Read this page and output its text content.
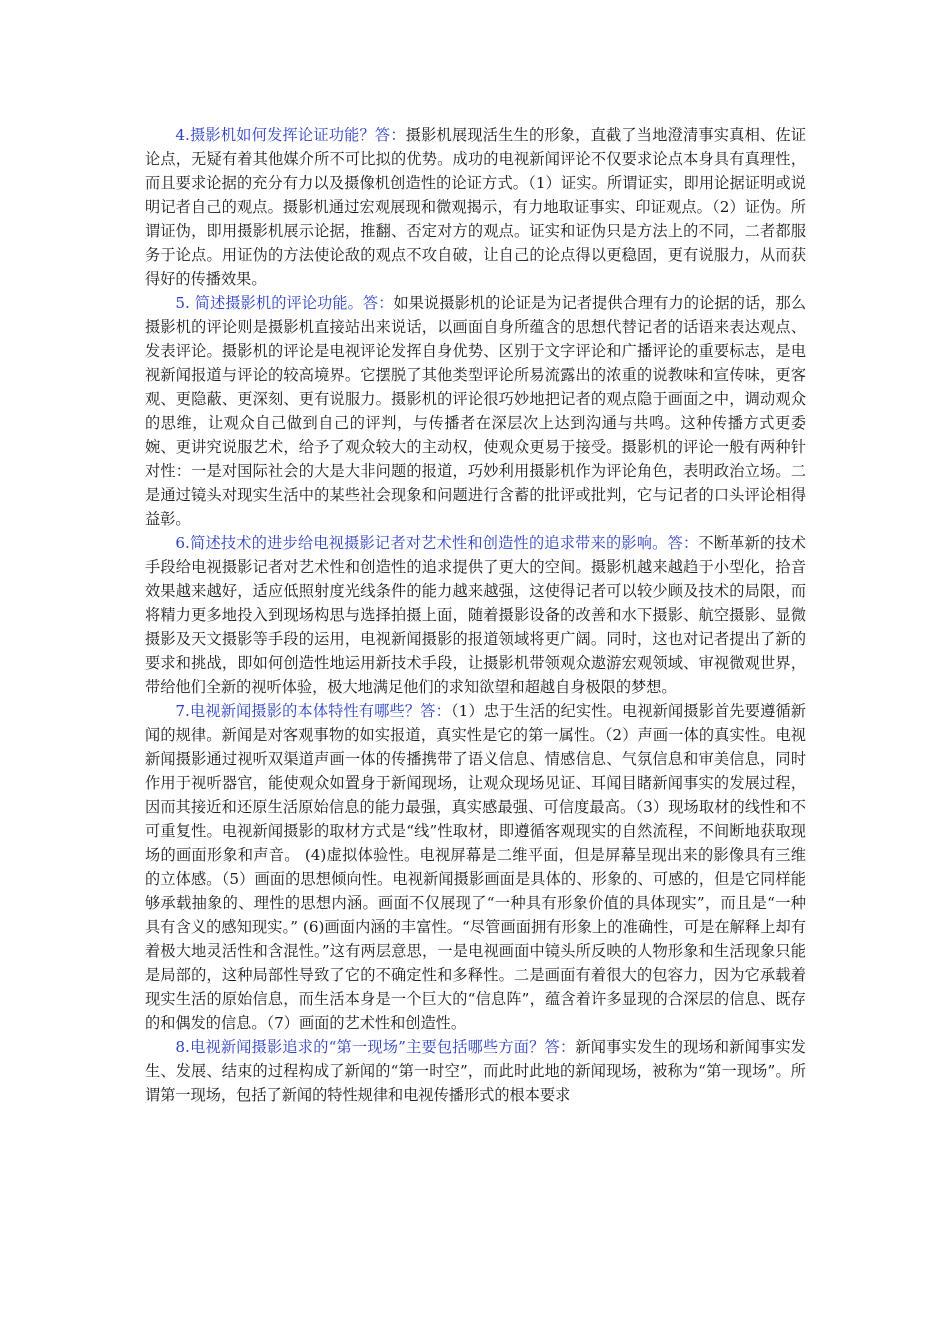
4.摄影机如何发挥论证功能？答：摄影机展现活生生的形象，直截了当地澄清事实真相、佐证论点，无疑有着其他媒介所不可比拟的优势。成功的电视新闻评论不仅要求论点本身具有真理性，而且要求论据的充分有力以及摄像机创造性的论证方式。（1）证实。所谓证实，即用论据证明或说明记者自己的观点。摄影机通过宏观展现和微观揭示，有力地取证事实、印证观点。（2）证伪。所谓证伪，即用摄影机展示论据，推翻、否定对方的观点。证实和证伪只是方法上的不同，二者都服务于论点。用证伪的方法使论敌的观点不攻自破，让自己的论点得以更稳固，更有说服力，从而获得好的传播效果。

5. 简述摄影机的评论功能。答：如果说摄影机的论证是为记者提供合理有力的论据的话，那么摄影机的评论则是摄影机直接站出来说话，以画面自身所蕴含的思想代替记者的话语来表达观点、发表评论。摄影机的评论是电视评论发挥自身优势、区别于文字评论和广播评论的重要标志，是电视新闻报道与评论的较高境界。它摆脱了其他类型评论所易流露出的浓重的说教味和宣传味，更客观、更隐蔽、更深刻、更有说服力。摄影机的评论很巧妙地把记者的观点隐于画面之中，调动观众的思维，让观众自己做到自己的评判，与传播者在深层次上达到沟通与共鸣。这种传播方式更委婉、更讲究说服艺术，给予了观众较大的主动权，使观众更易于接受。摄影机的评论一般有两种针对性：一是对国际社会的大是大非问题的报道，巧妙利用摄影机作为评论角色，表明政治立场。二是通过镜头对现实生活中的某些社会现象和问题进行含蓄的批评或批判，它与记者的口头评论相得益彰。

6.简述技术的进步给电视摄影记者对艺术性和创造性的追求带来的影响。答：不断革新的技术手段给电视摄影记者对艺术性和创造性的追求提供了更大的空间。摄影机越来越趋于小型化，拾音效果越来越好，适应低照射度光线条件的能力越来越强，这使得记者可以较少顾及技术的局限，而将精力更多地投入到现场构思与选择拍摄上面，随着摄影设备的改善和水下摄影、航空摄影、显微摄影及天文摄影等手段的运用，电视新闻摄影的报道领域将更广阔。同时，这也对记者提出了新的要求和挑战，即如何创造性地运用新技术手段，让摄影机带领观众遨游宏观领域、审视微观世界，带给他们全新的视听体验，极大地满足他们的求知欲望和超越自身极限的梦想。

7.电视新闻摄影的本体特性有哪些？答：（1）忠于生活的纪实性。电视新闻摄影首先要遵循新闻的规律。新闻是对客观事物的如实报道，真实性是它的第一属性。（2）声画一体的真实性。电视新闻摄影通过视听双渠道声画一体的传播携带了语义信息、情感信息、气氛信息和审美信息，同时作用于视听器官，能使观众如置身于新闻现场，让观众现场见证、耳闻目睹新闻事实的发展过程，因而其接近和还原生活原始信息的能力最强，真实感最强、可信度最高。（3）现场取材的线性和不可重复性。电视新闻摄影的取材方式是“线”性取材，即遵循客观现实的自然流程，不间断地获取现场的画面形象和声音。 (4)虚拟体验性。电视屏幕是二维平面，但是屏幕呈现出来的影像具有三维的立体感。（5）画面的思想倾向性。电视新闻摄影画面是具体的、形象的、可感的，但是它同样能够承载抽象的、理性的思想内涵。画面不仅展现了“一种具有形象价值的具体现实”，而且是“一种具有含义的感知现实。” (6)画面内涵的丰富性。“尽管画面拥有形象上的准确性，可是在解释上却有着极大地灵活性和含混性。”这有两层意思，一是电视画面中镜头所反映的人物形象和生活现象只能是局部的，这种局部性导致了它的不确定性和多释性。二是画面有着很大的包容力，因为它承载着现实生活的原始信息，而生活本身是一个巨大的“信息阵”，蕴含着许多显现的合深层的信息、既存的和偶发的信息。（7）画面的艺术性和创造性。

8.电视新闻摄影追求的“第一现场”主要包括哪些方面？答：新闻事实发生的现场和新闻事实发生、发展、结束的过程构成了新闻的“第一时空”，而此时此地的新闻现场，被称为“第一现场”。所谓第一现场，包括了新闻的特性规律和电视传播形式的根本要求
